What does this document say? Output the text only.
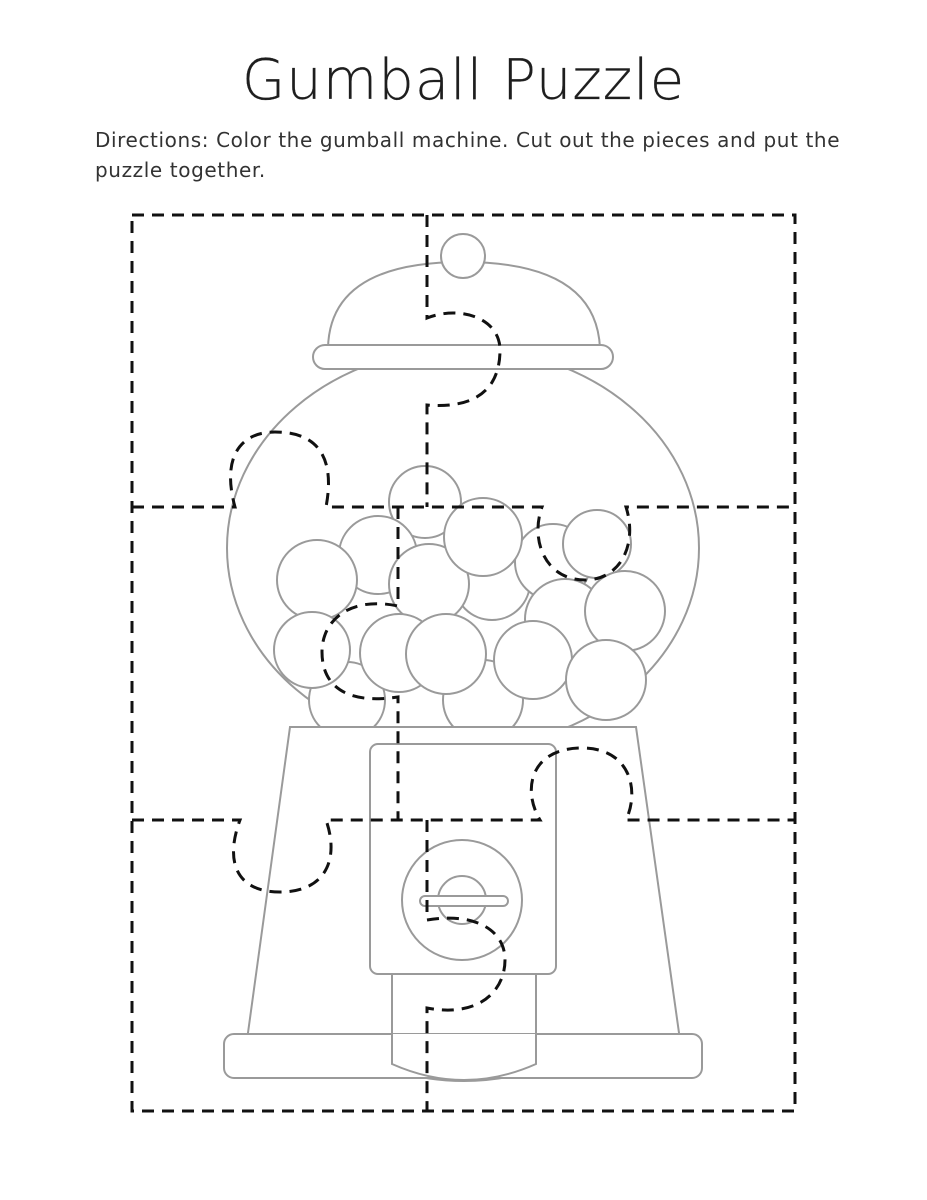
Gumball Puzzle
Directions: Color the gumball machine. Cut out the pieces and put the puzzle together.
